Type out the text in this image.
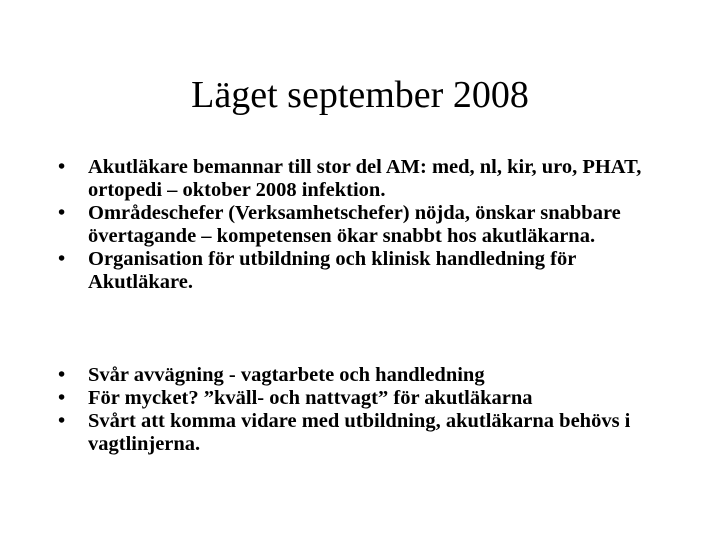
Läget september 2008
•	Akutläkare bemannar till stor del AM: med, nl, kir, uro, PHAT, ortopedi – oktober 2008 infektion.
•	Områdeschefer (Verksamhetschefer) nöjda, önskar snabbare övertagande – kompetensen ökar snabbt hos akutläkarna.
•	Organisation för utbildning och klinisk handledning för Akutläkare.
•	Svår avvägning - vagtarbete och handledning
•	För mycket? ”kväll- och nattvagt” för akutläkarna
•	Svårt att komma vidare med utbildning, akutläkarna behövs i vagtlinjerna.
